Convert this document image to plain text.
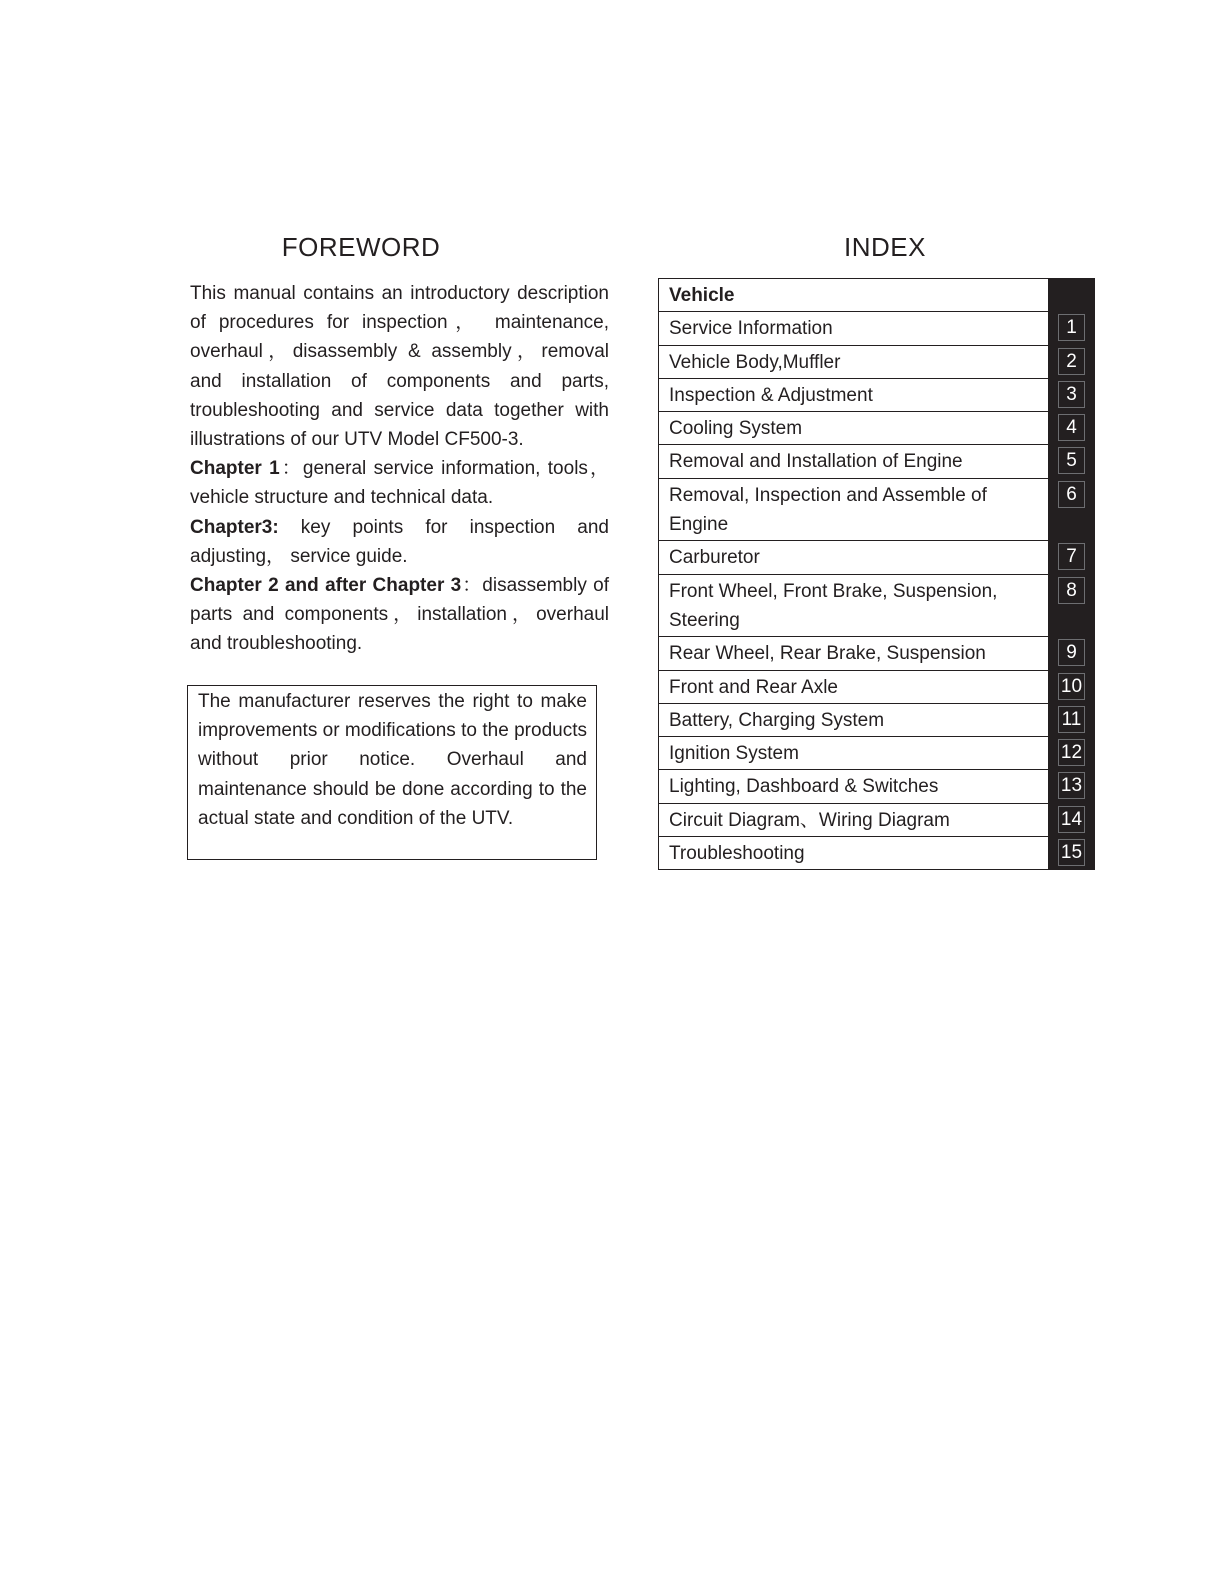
FOREWORD

This manual contains an introductory description of procedures for inspection， maintenance, overhaul，disassembly & assembly，removal and installation of components and parts, troubleshooting and service data together with illustrations of our UTV Model CF500-3.

Chapter 1：general service information, tools， vehicle structure and technical data.

Chapter3: key points for inspection and adjusting， service guide.

Chapter 2 and after Chapter 3：disassembly of parts and components，installation，overhaul and troubleshooting.

The manufacturer reserves the right to make improvements or modifications to the products without prior notice. Overhaul and maintenance should be done according to the actual state and condition of the UTV.
INDEX
Vehicle	
Service Information	1

Vehicle Body,Muffler	2

Inspection & Adjustment	3

Cooling System	4

Removal and Installation of Engine	5

Removal, Inspection and Assemble of Engine	6

Carburetor	7

Front Wheel, Front Brake, Suspension, Steering	8

Rear Wheel, Rear Brake, Suspension	9

Front and Rear Axle	10

Battery, Charging System	11

Ignition System	12

Lighting, Dashboard & Switches	13

Circuit Diagram、Wiring Diagram	14

Troubleshooting	15
